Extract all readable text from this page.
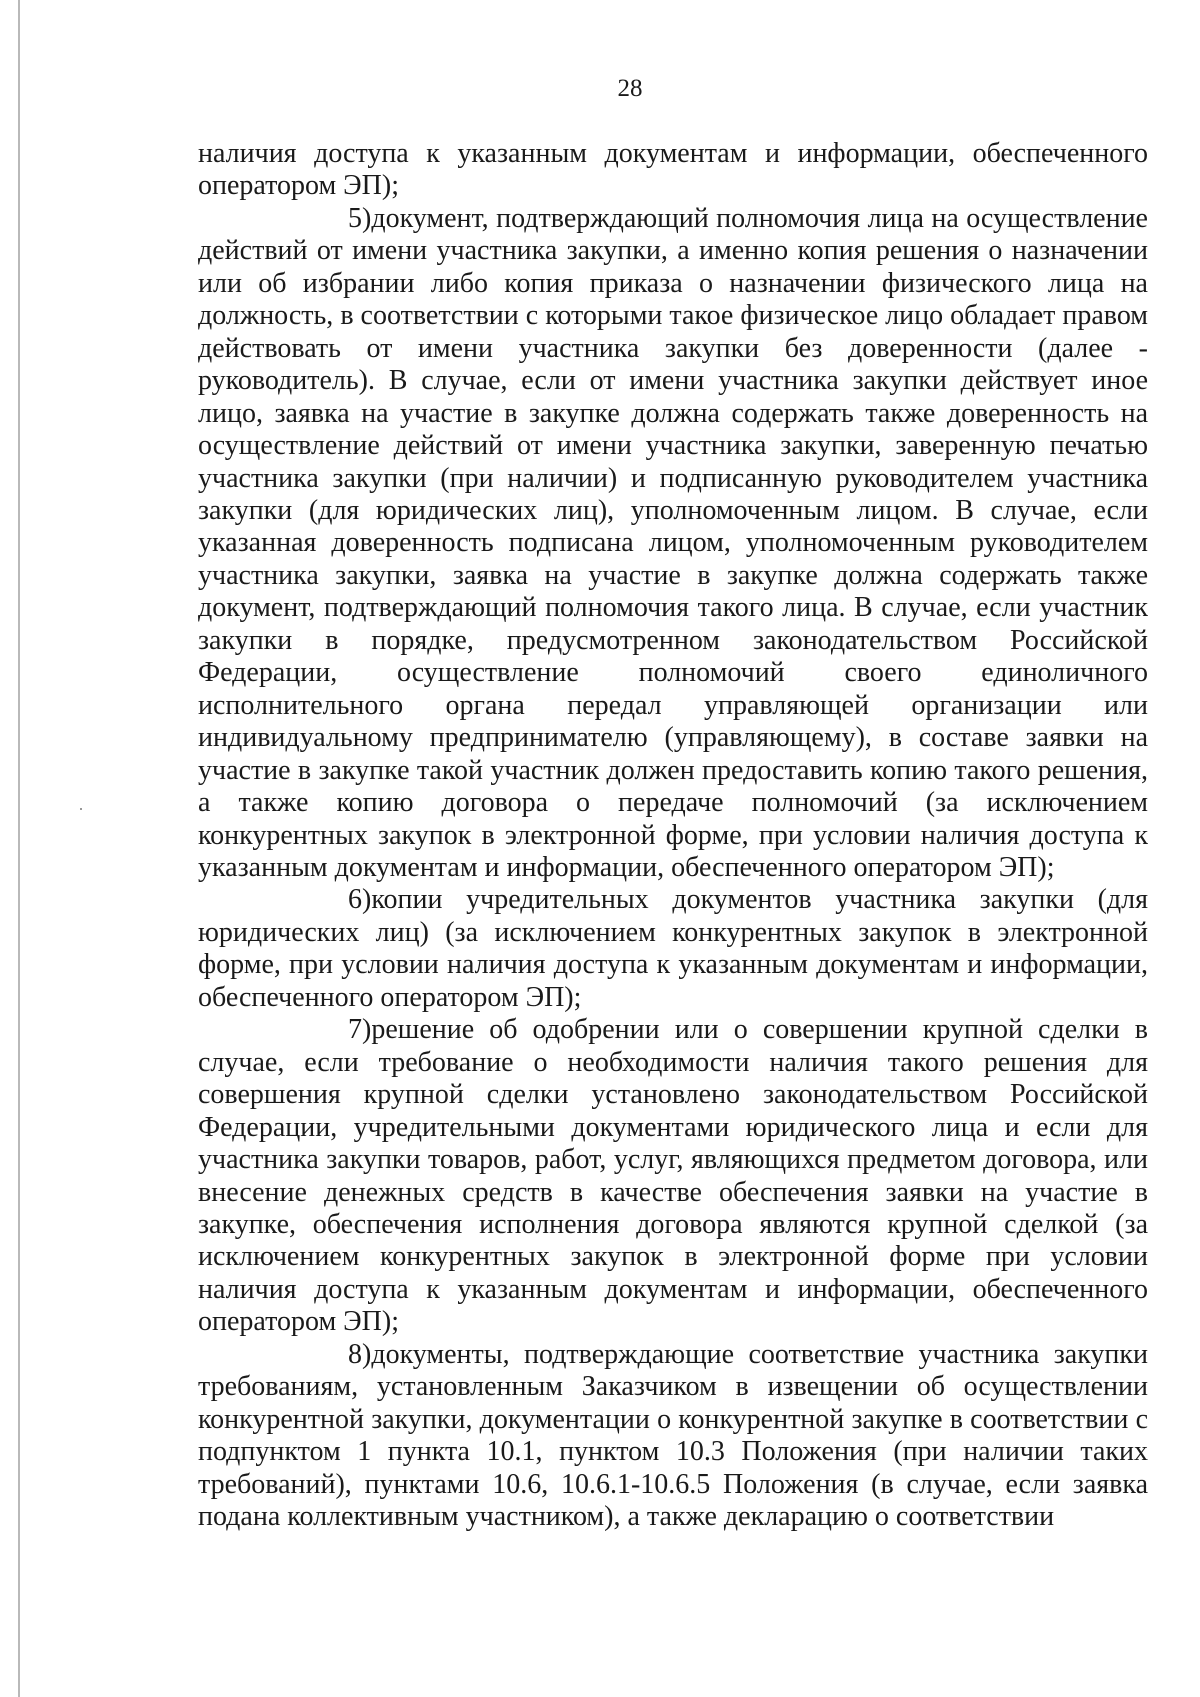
28

наличия доступа к указанным документам и информации, обеспеченного оператором ЭП);

5)документ, подтверждающий полномочия лица на осуществление действий от имени участника закупки, а именно копия решения о назначении или об избрании либо копия приказа о назначении физического лица на должность, в соответствии с которыми такое физическое лицо обладает правом действовать от имени участника закупки без доверенности (далее - руководитель). В случае, если от имени участника закупки действует иное лицо, заявка на участие в закупке должна содержать также доверенность на осуществление действий от имени участника закупки, заверенную печатью участника закупки (при наличии) и подписанную руководителем участника закупки (для юридических лиц), уполномоченным лицом. В случае, если указанная доверенность подписана лицом, уполномоченным руководителем участника закупки, заявка на участие в закупке должна содержать также документ, подтверждающий полномочия такого лица. В случае, если участник закупки в порядке, предусмотренном законодательством Российской Федерации, осуществление полномочий своего единоличного исполнительного органа передал управляющей организации или индивидуальному предпринимателю (управляющему), в составе заявки на участие в закупке такой участник должен предоставить копию такого решения, а также копию договора о передаче полномочий (за исключением конкурентных закупок в электронной форме, при условии наличия доступа к указанным документам и информации, обеспеченного оператором ЭП);

6)копии учредительных документов участника закупки (для юридических лиц) (за исключением конкурентных закупок в электронной форме, при условии наличия доступа к указанным документам и информации, обеспеченного оператором ЭП);

7)решение об одобрении или о совершении крупной сделки в случае, если требование о необходимости наличия такого решения для совершения крупной сделки установлено законодательством Российской Федерации, учредительными документами юридического лица и если для участника закупки товаров, работ, услуг, являющихся предметом договора, или внесение денежных средств в качестве обеспечения заявки на участие в закупке, обеспечения исполнения договора являются крупной сделкой (за исключением конкурентных закупок в электронной форме при условии наличия доступа к указанным документам и информации, обеспеченного оператором ЭП);

8)документы, подтверждающие соответствие участника закупки требованиям, установленным Заказчиком в извещении об осуществлении конкурентной закупки, документации о конкурентной закупке в соответствии с подпунктом 1 пункта 10.1, пунктом 10.3 Положения (при наличии таких требований), пунктами 10.6, 10.6.1-10.6.5 Положения (в случае, если заявка подана коллективным участником), а также декларацию о соответствии
